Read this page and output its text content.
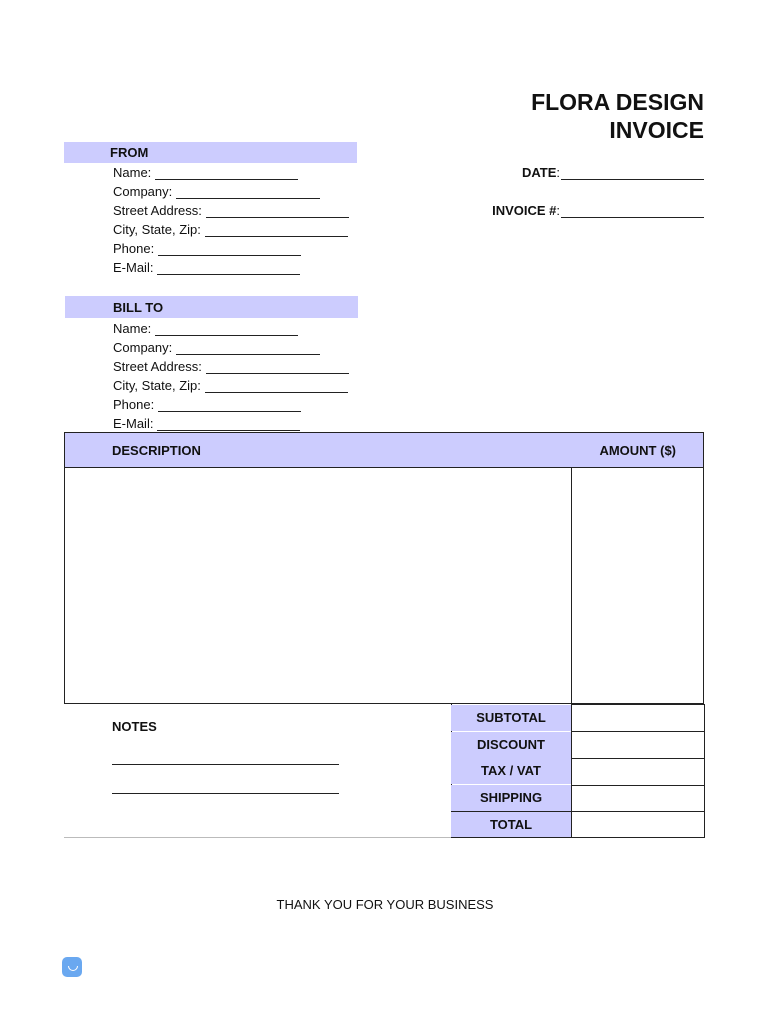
FLORA DESIGN
INVOICE
FROM
Name:
Company:
Street Address:
City, State, Zip:
Phone:
E-Mail:
DATE:
INVOICE #:
BILL TO
Name:
Company:
Street Address:
City, State, Zip:
Phone:
E-Mail:
DESCRIPTION	AMOUNT ($)
NOTES
SUBTOTAL
DISCOUNT
TAX / VAT
SHIPPING
TOTAL
THANK YOU FOR YOUR BUSINESS
